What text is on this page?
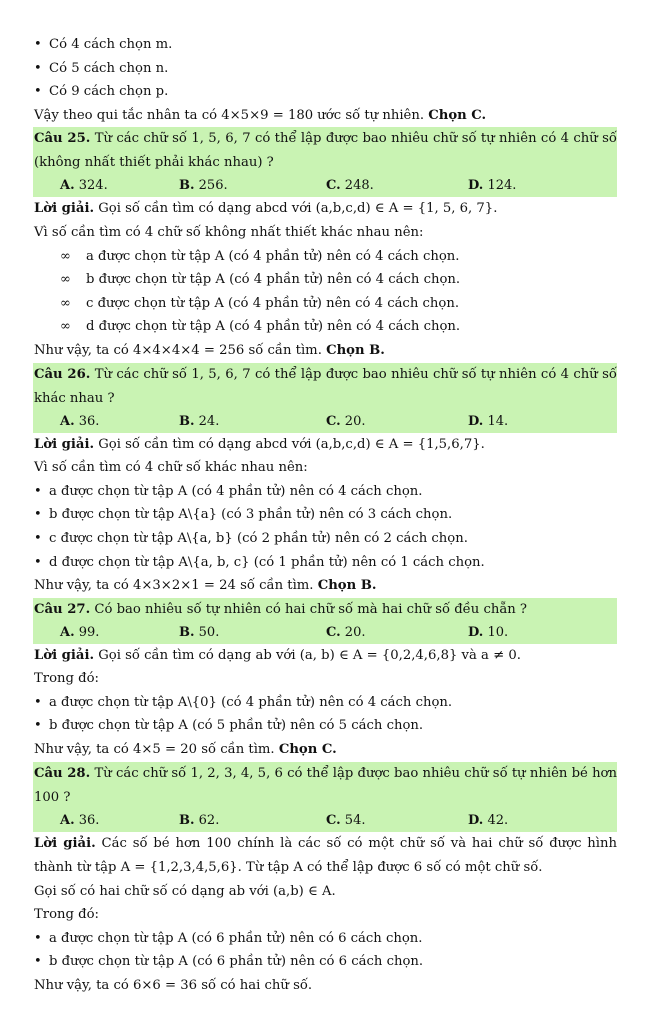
• Có 4 cách chọn m.
• Có 5 cách chọn n.
• Có 9 cách chọn p.
Vậy theo qui tắc nhân ta có 4×5×9 = 180 ước số tự nhiên. Chọn C.
Câu 25. Từ các chữ số 1, 5, 6, 7 có thể lập được bao nhiêu chữ số tự nhiên có 4 chữ số (không nhất thiết phải khác nhau) ?
A. 324.	B. 256.	C. 248.	D. 124.
Lời giải. Gọi số cần tìm có dạng abcd với (a,b,c,d) ∈ A = {1, 5, 6, 7}.
Vì số cần tìm có 4 chữ số không nhất thiết khác nhau nên:
∞ a được chọn từ tập A (có 4 phần tử) nên có 4 cách chọn.
∞ b được chọn từ tập A (có 4 phần tử) nên có 4 cách chọn.
∞ c được chọn từ tập A (có 4 phần tử) nên có 4 cách chọn.
∞ d được chọn từ tập A (có 4 phần tử) nên có 4 cách chọn.
Như vậy, ta có 4×4×4×4 = 256 số cần tìm. Chọn B.
Câu 26. Từ các chữ số 1, 5, 6, 7 có thể lập được bao nhiêu chữ số tự nhiên có 4 chữ số khác nhau ?
A. 36.	B. 24.	C. 20.	D. 14.
Lời giải. Gọi số cần tìm có dạng abcd với (a,b,c,d) ∈ A = {1,5,6,7}.
Vì số cần tìm có 4 chữ số khác nhau nên:
• a được chọn từ tập A (có 4 phần tử) nên có 4 cách chọn.
• b được chọn từ tập A\{a} (có 3 phần tử) nên có 3 cách chọn.
• c được chọn từ tập A\{a, b} (có 2 phần tử) nên có 2 cách chọn.
• d được chọn từ tập A\{a, b, c} (có 1 phần tử) nên có 1 cách chọn.
Như vậy, ta có 4×3×2×1 = 24 số cần tìm. Chọn B.
Câu 27. Có bao nhiêu số tự nhiên có hai chữ số mà hai chữ số đều chẵn ?
A. 99.	B. 50.	C. 20.	D. 10.
Lời giải. Gọi số cần tìm có dạng ab với (a, b) ∈ A = {0,2,4,6,8} và a ≠ 0.
Trong đó:
• a được chọn từ tập A\{0} (có 4 phần tử) nên có 4 cách chọn.
• b được chọn từ tập A (có 5 phần tử) nên có 5 cách chọn.
Như vậy, ta có 4×5 = 20 số cần tìm. Chọn C.
Câu 28. Từ các chữ số 1, 2, 3, 4, 5, 6 có thể lập được bao nhiêu chữ số tự nhiên bé hơn 100 ?
A. 36.	B. 62.	C. 54.	D. 42.
Lời giải. Các số bé hơn 100 chính là các số có một chữ số và hai chữ số được hình thành từ tập A = {1,2,3,4,5,6}. Từ tập A có thể lập được 6 số có một chữ số.
Gọi số có hai chữ số có dạng ab với (a,b) ∈ A.
Trong đó:
• a được chọn từ tập A (có 6 phần tử) nên có 6 cách chọn.
• b được chọn từ tập A (có 6 phần tử) nên có 6 cách chọn.
Như vậy, ta có 6×6 = 36 số có hai chữ số.
